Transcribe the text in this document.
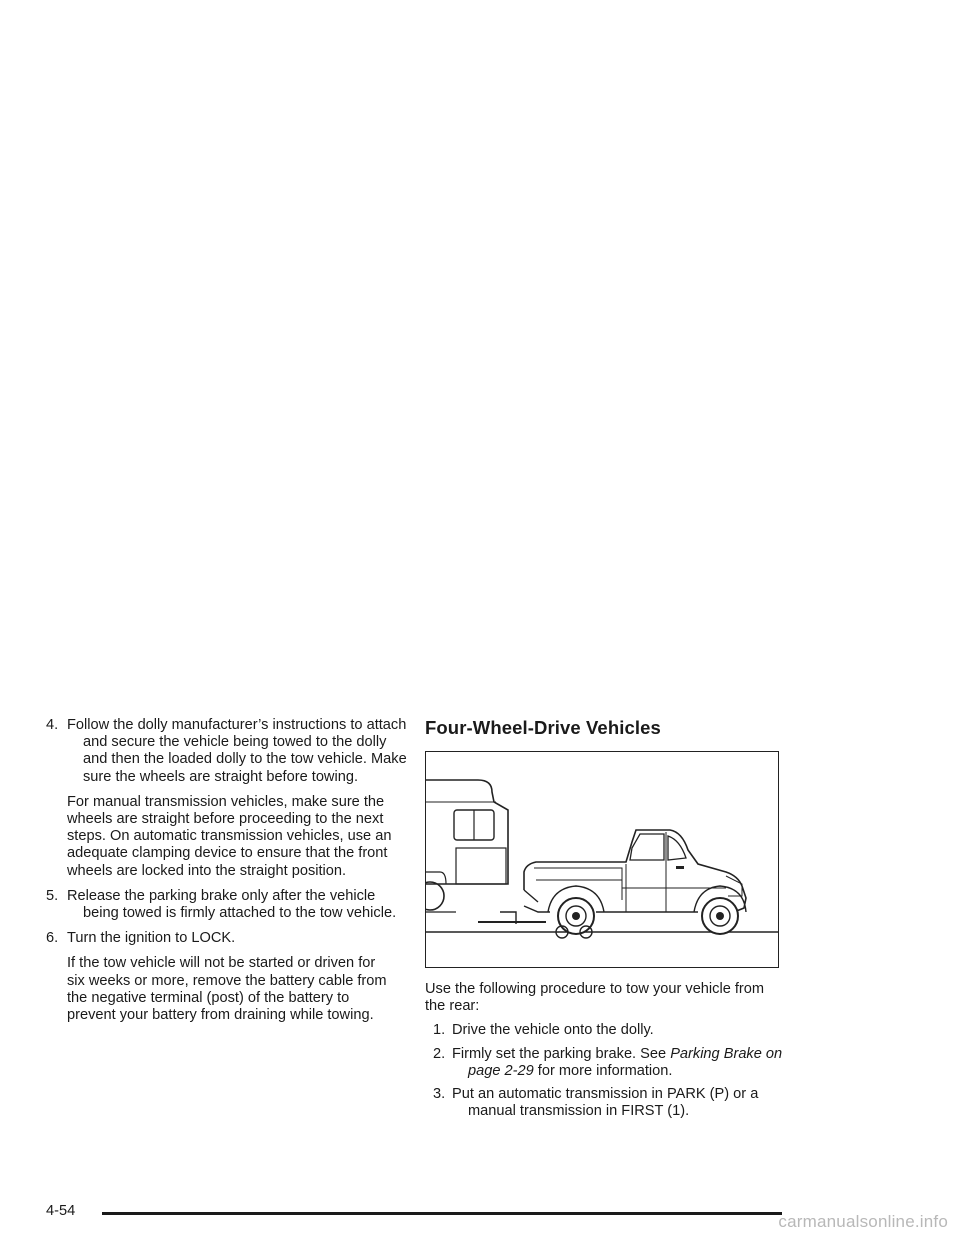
4. Follow the dolly manufacturer’s instructions to attach and secure the vehicle being towed to the dolly and then the loaded dolly to the tow vehicle. Make sure the wheels are straight before towing.

For manual transmission vehicles, make sure the wheels are straight before proceeding to the next steps. On automatic transmission vehicles, use an adequate clamping device to ensure that the front wheels are locked into the straight position.

5. Release the parking brake only after the vehicle being towed is firmly attached to the tow vehicle.
6. Turn the ignition to LOCK.

If the tow vehicle will not be started or driven for six weeks or more, remove the battery cable from the negative terminal (post) of the battery to prevent your battery from draining while towing.

Four-Wheel-Drive Vehicles

Use the following procedure to tow your vehicle from the rear:

1. Drive the vehicle onto the dolly.
2. Firmly set the parking brake. See Parking Brake on page 2-29 for more information.
3. Put an automatic transmission in PARK (P) or a manual transmission in FIRST (1).
4-54
carmanualsonline.info
